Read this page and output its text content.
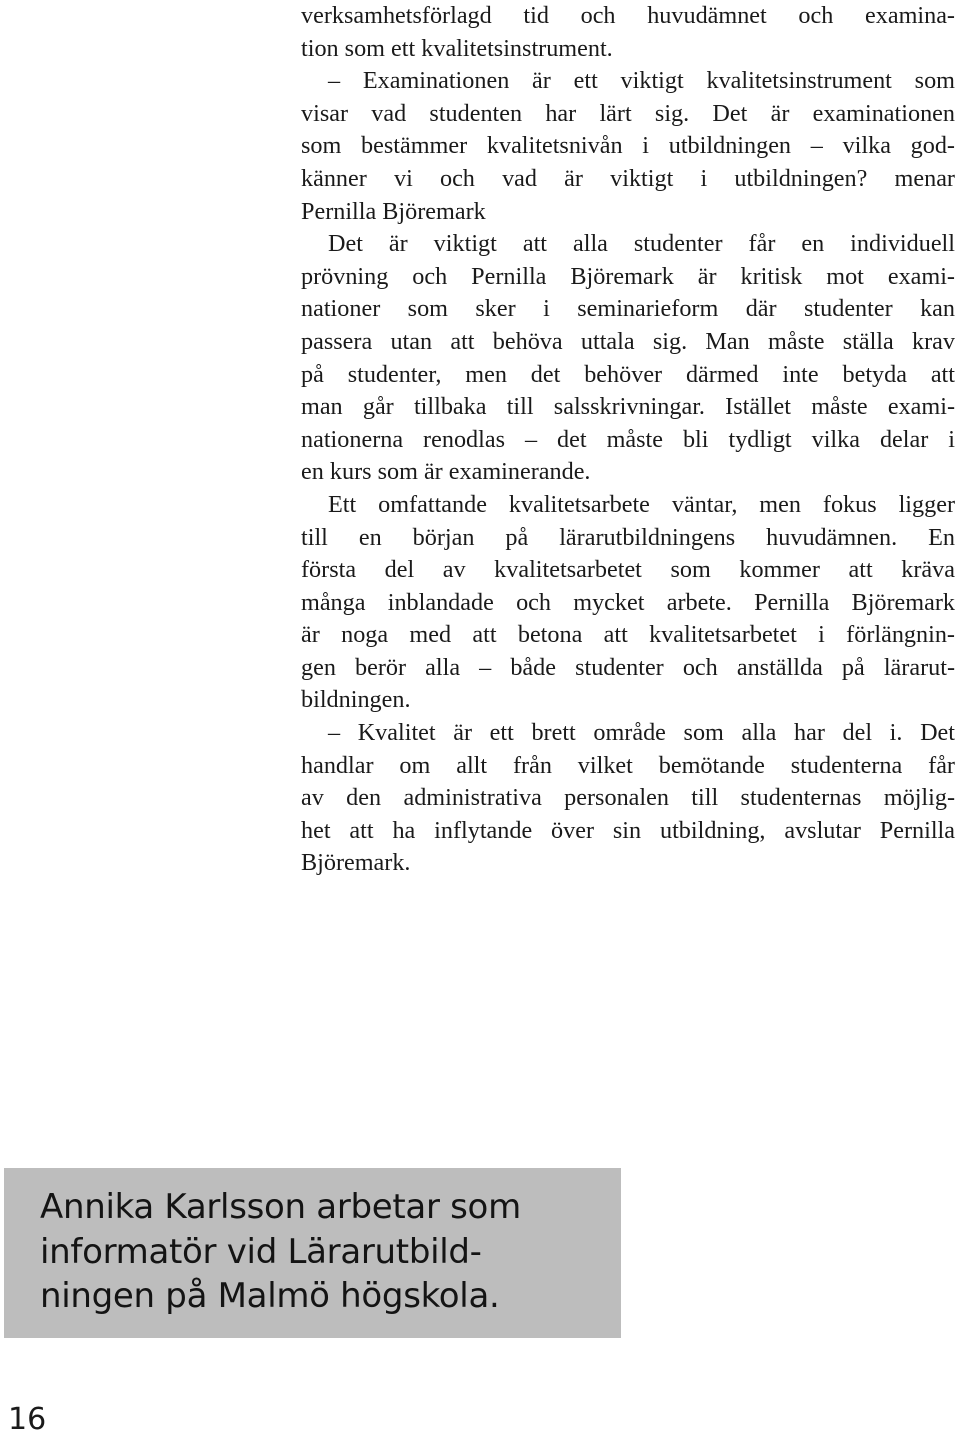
verksamhetsförlagd tid och huvudämnet och examina-
tion som ett kvalitetsinstrument.
– Examinationen är ett viktigt kvalitetsinstrument som
visar vad studenten har lärt sig. Det är examinationen
som bestämmer kvalitetsnivån i utbildningen – vilka god-
känner vi och vad är viktigt i utbildningen? menar
Pernilla Björemark
Det är viktigt att alla studenter får en individuell
prövning och Pernilla Björemark är kritisk mot exami-
nationer som sker i seminarieform där studenter kan
passera utan att behöva uttala sig. Man måste ställa krav
på studenter, men det behöver därmed inte betyda att
man går tillbaka till salsskrivningar. Istället måste exami-
nationerna renodlas – det måste bli tydligt vilka delar i
en kurs som är examinerande.
Ett omfattande kvalitetsarbete väntar, men fokus ligger
till en början på lärarutbildningens huvudämnen. En
första del av kvalitetsarbetet som kommer att kräva
många inblandade och mycket arbete. Pernilla Björemark
är noga med att betona att kvalitetsarbetet i förlängnin-
gen berör alla – både studenter och anställda på lärarut-
bildningen.
– Kvalitet är ett brett område som alla har del i. Det
handlar om allt från vilket bemötande studenterna får
av den administrativa personalen till studenternas möjlig-
het att ha inflytande över sin utbildning, avslutar Pernilla
Björemark.
Annika Karlsson arbetar som
informatör vid Lärarutbild-
ningen på Malmö högskola.
16
